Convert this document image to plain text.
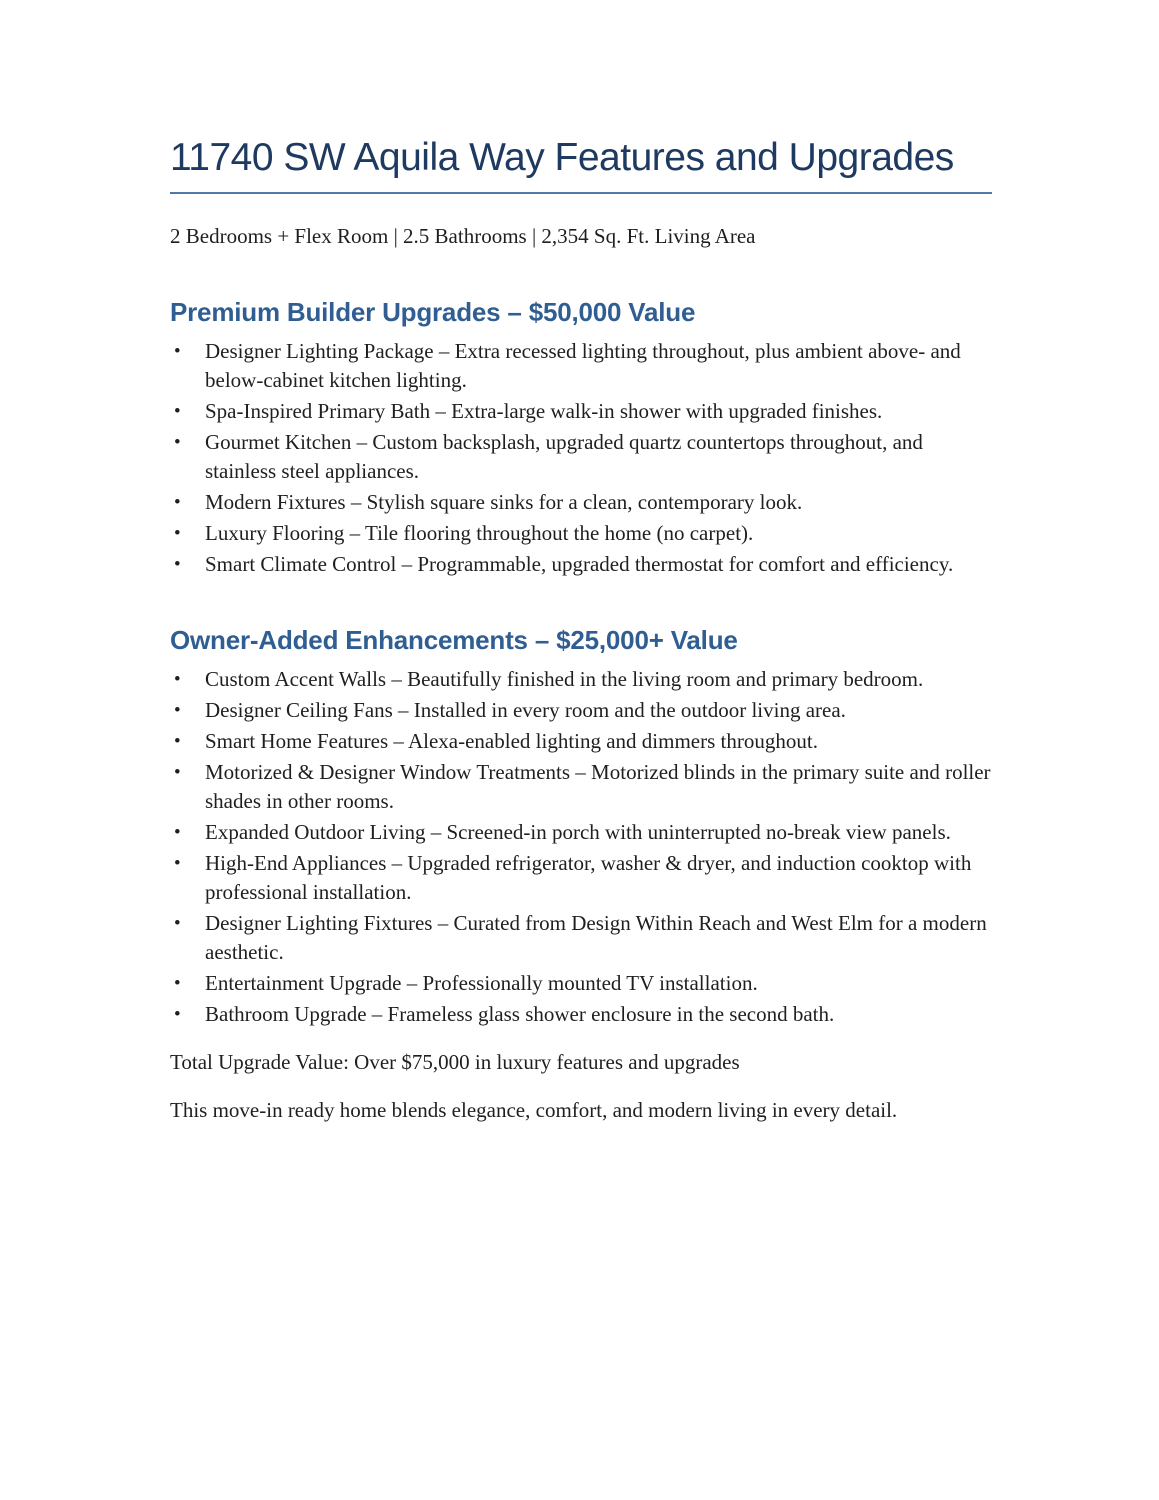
11740 SW Aquila Way Features and Upgrades

2 Bedrooms + Flex Room | 2.5 Bathrooms | 2,354 Sq. Ft. Living Area

Premium Builder Upgrades – $50,000 Value
•	Designer Lighting Package – Extra recessed lighting throughout, plus ambient above- and below-cabinet kitchen lighting.
•	Spa-Inspired Primary Bath – Extra-large walk-in shower with upgraded finishes.
•	Gourmet Kitchen – Custom backsplash, upgraded quartz countertops throughout, and stainless steel appliances.
•	Modern Fixtures – Stylish square sinks for a clean, contemporary look.
•	Luxury Flooring – Tile flooring throughout the home (no carpet).
•	Smart Climate Control – Programmable, upgraded thermostat for comfort and efficiency.
Owner-Added Enhancements – $25,000+ Value
•	Custom Accent Walls – Beautifully finished in the living room and primary bedroom.
•	Designer Ceiling Fans – Installed in every room and the outdoor living area.
•	Smart Home Features – Alexa-enabled lighting and dimmers throughout.
•	Motorized & Designer Window Treatments – Motorized blinds in the primary suite and roller shades in other rooms.
•	Expanded Outdoor Living – Screened-in porch with uninterrupted no-break view panels.
•	High-End Appliances – Upgraded refrigerator, washer & dryer, and induction cooktop with professional installation.
•	Designer Lighting Fixtures – Curated from Design Within Reach and West Elm for a modern aesthetic.
•	Entertainment Upgrade – Professionally mounted TV installation.
•	Bathroom Upgrade – Frameless glass shower enclosure in the second bath.

Total Upgrade Value: Over $75,000 in luxury features and upgrades

This move-in ready home blends elegance, comfort, and modern living in every detail.
